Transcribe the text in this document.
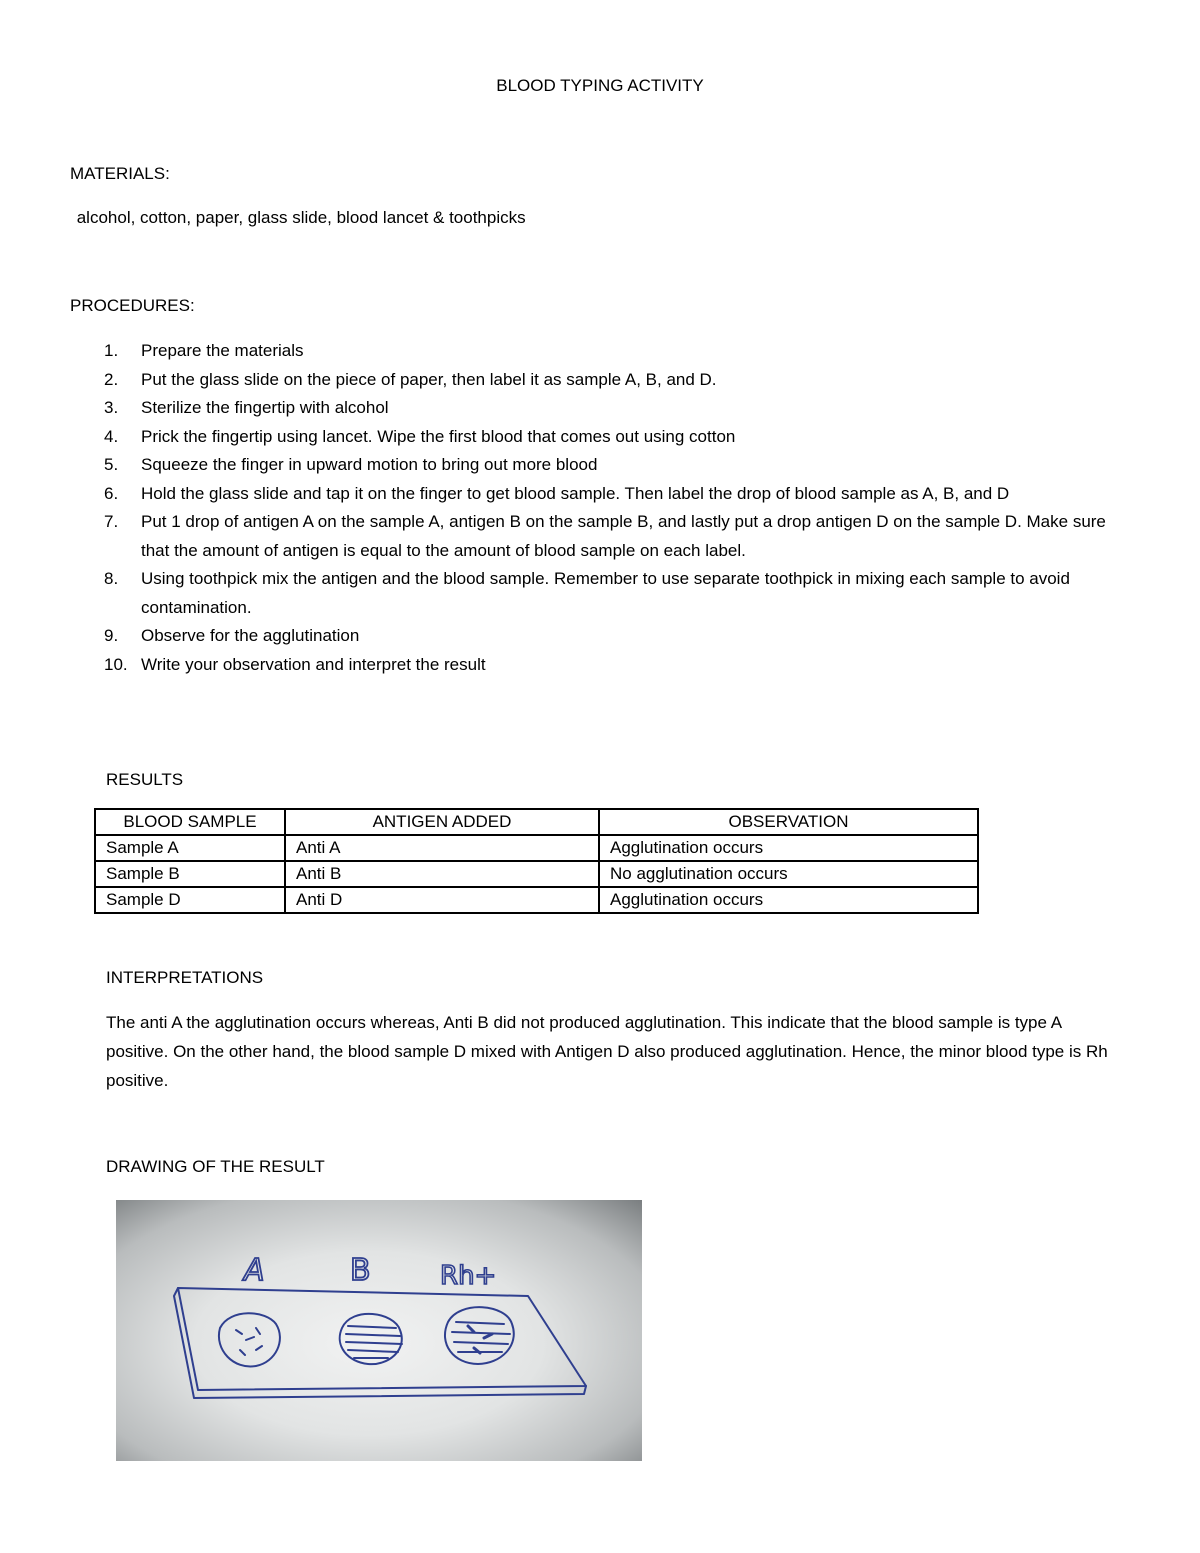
BLOOD TYPING ACTIVITY
MATERIALS:
alcohol, cotton, paper, glass slide, blood lancet & toothpicks
PROCEDURES:
1. Prepare the materials
2. Put the glass slide on the piece of paper, then label it as sample A, B, and D.
3. Sterilize the fingertip with alcohol
4. Prick the fingertip using lancet. Wipe the first blood that comes out using cotton
5. Squeeze the finger in upward motion to bring out more blood
6. Hold the glass slide and tap it on the finger to get blood sample. Then label the drop of blood sample as A, B, and D
7. Put 1 drop of antigen A on the sample A, antigen B on the sample B, and lastly put a drop antigen D on the sample D. Make sure that the amount of antigen is equal to the amount of blood sample on each label.
8. Using toothpick mix the antigen and the blood sample. Remember to use separate toothpick in mixing each sample to avoid contamination.
9. Observe for the agglutination
10. Write your observation and interpret the result
RESULTS
BLOOD SAMPLE	ANTIGEN ADDED	OBSERVATION
Sample A	Anti A	Agglutination occurs
Sample B	Anti B	No agglutination occurs
Sample D	Anti D	Agglutination occurs
INTERPRETATIONS
The anti A the agglutination occurs whereas, Anti B did not produced agglutination. This indicate that the blood sample is type A positive. On the other hand, the blood sample D mixed with Antigen D also produced agglutination. Hence, the minor blood type is Rh positive.
DRAWING OF THE RESULT
A	B	Rh+
